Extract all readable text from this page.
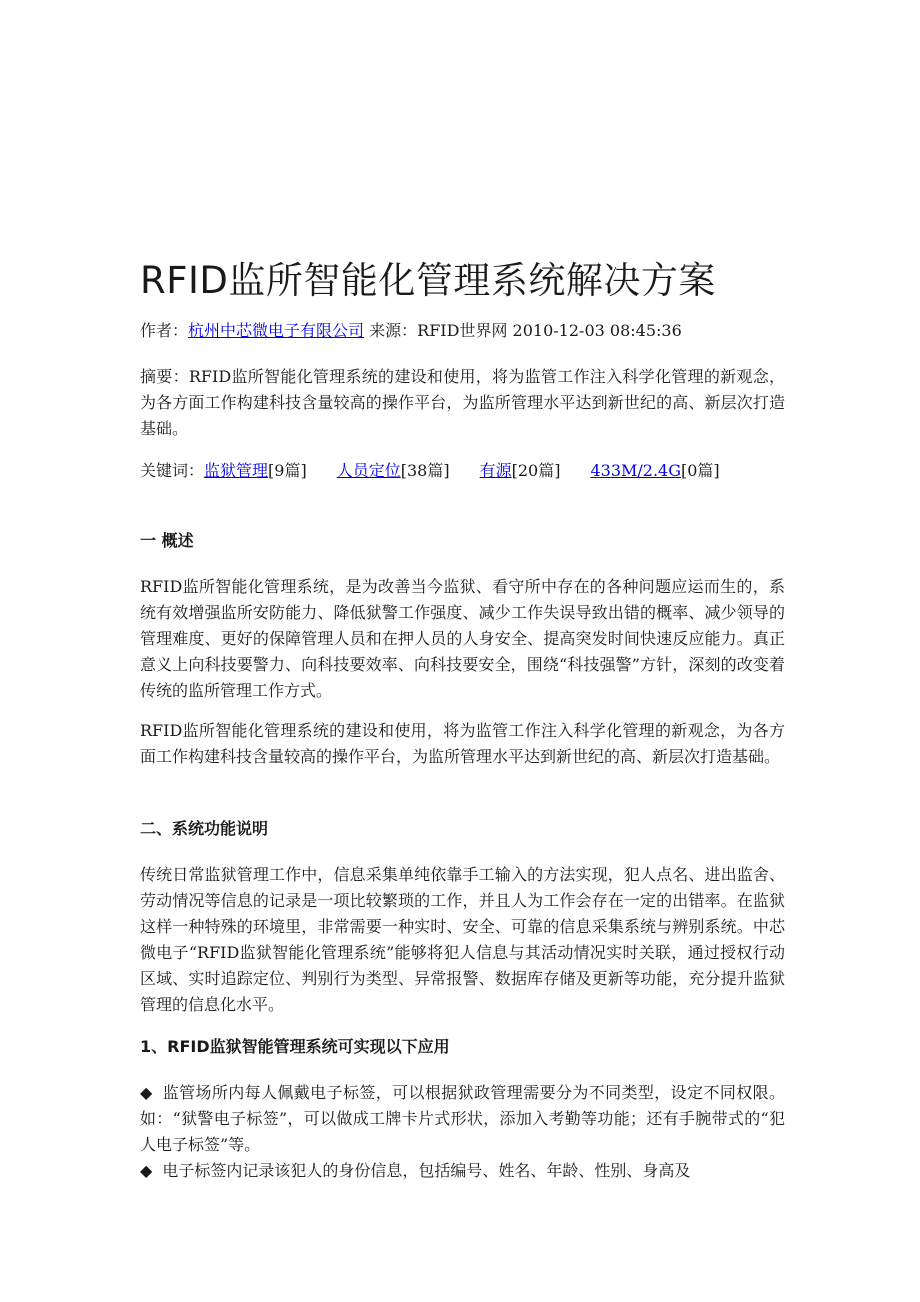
RFID监所智能化管理系统解决方案
作者：杭州中芯微电子有限公司 来源：RFID世界网 2010-12-03 08:45:36

摘要：RFID监所智能化管理系统的建设和使用，将为监管工作注入科学化管理的新观念，为各方面工作构建科技含量较高的操作平台，为监所管理水平达到新世纪的高、新层次打造基础。

关键词：监狱管理[9篇] 人员定位[38篇] 有源[20篇] 433M/2.4G[0篇]
一 概述

RFID监所智能化管理系统，是为改善当今监狱、看守所中存在的各种问题应运而生的，系统有效增强监所安防能力、降低狱警工作强度、减少工作失误导致出错的概率、减少领导的管理难度、更好的保障管理人员和在押人员的人身安全、提高突发时间快速反应能力。真正意义上向科技要警力、向科技要效率、向科技要安全，围绕“科技强警”方针，深刻的改变着传统的监所管理工作方式。

RFID监所智能化管理系统的建设和使用，将为监管工作注入科学化管理的新观念，为各方面工作构建科技含量较高的操作平台，为监所管理水平达到新世纪的高、新层次打造基础。

二、系统功能说明

传统日常监狱管理工作中，信息采集单纯依靠手工输入的方法实现，犯人点名、进出监舍、劳动情况等信息的记录是一项比较繁琐的工作，并且人为工作会存在一定的出错率。在监狱这样一种特殊的环境里，非常需要一种实时、安全、可靠的信息采集系统与辨别系统。中芯微电子“RFID监狱智能化管理系统”能够将犯人信息与其活动情况实时关联，通过授权行动区域、实时追踪定位、判别行为类型、异常报警、数据库存储及更新等功能，充分提升监狱管理的信息化水平。

1、RFID监狱智能管理系统可实现以下应用

◆ 监管场所内每人佩戴电子标签，可以根据狱政管理需要分为不同类型，设定不同权限。如：“狱警电子标签”，可以做成工牌卡片式形状，添加入考勤等功能；还有手腕带式的“犯人电子标签”等。

◆ 电子标签内记录该犯人的身份信息，包括编号、姓名、年龄、性别、身高及
